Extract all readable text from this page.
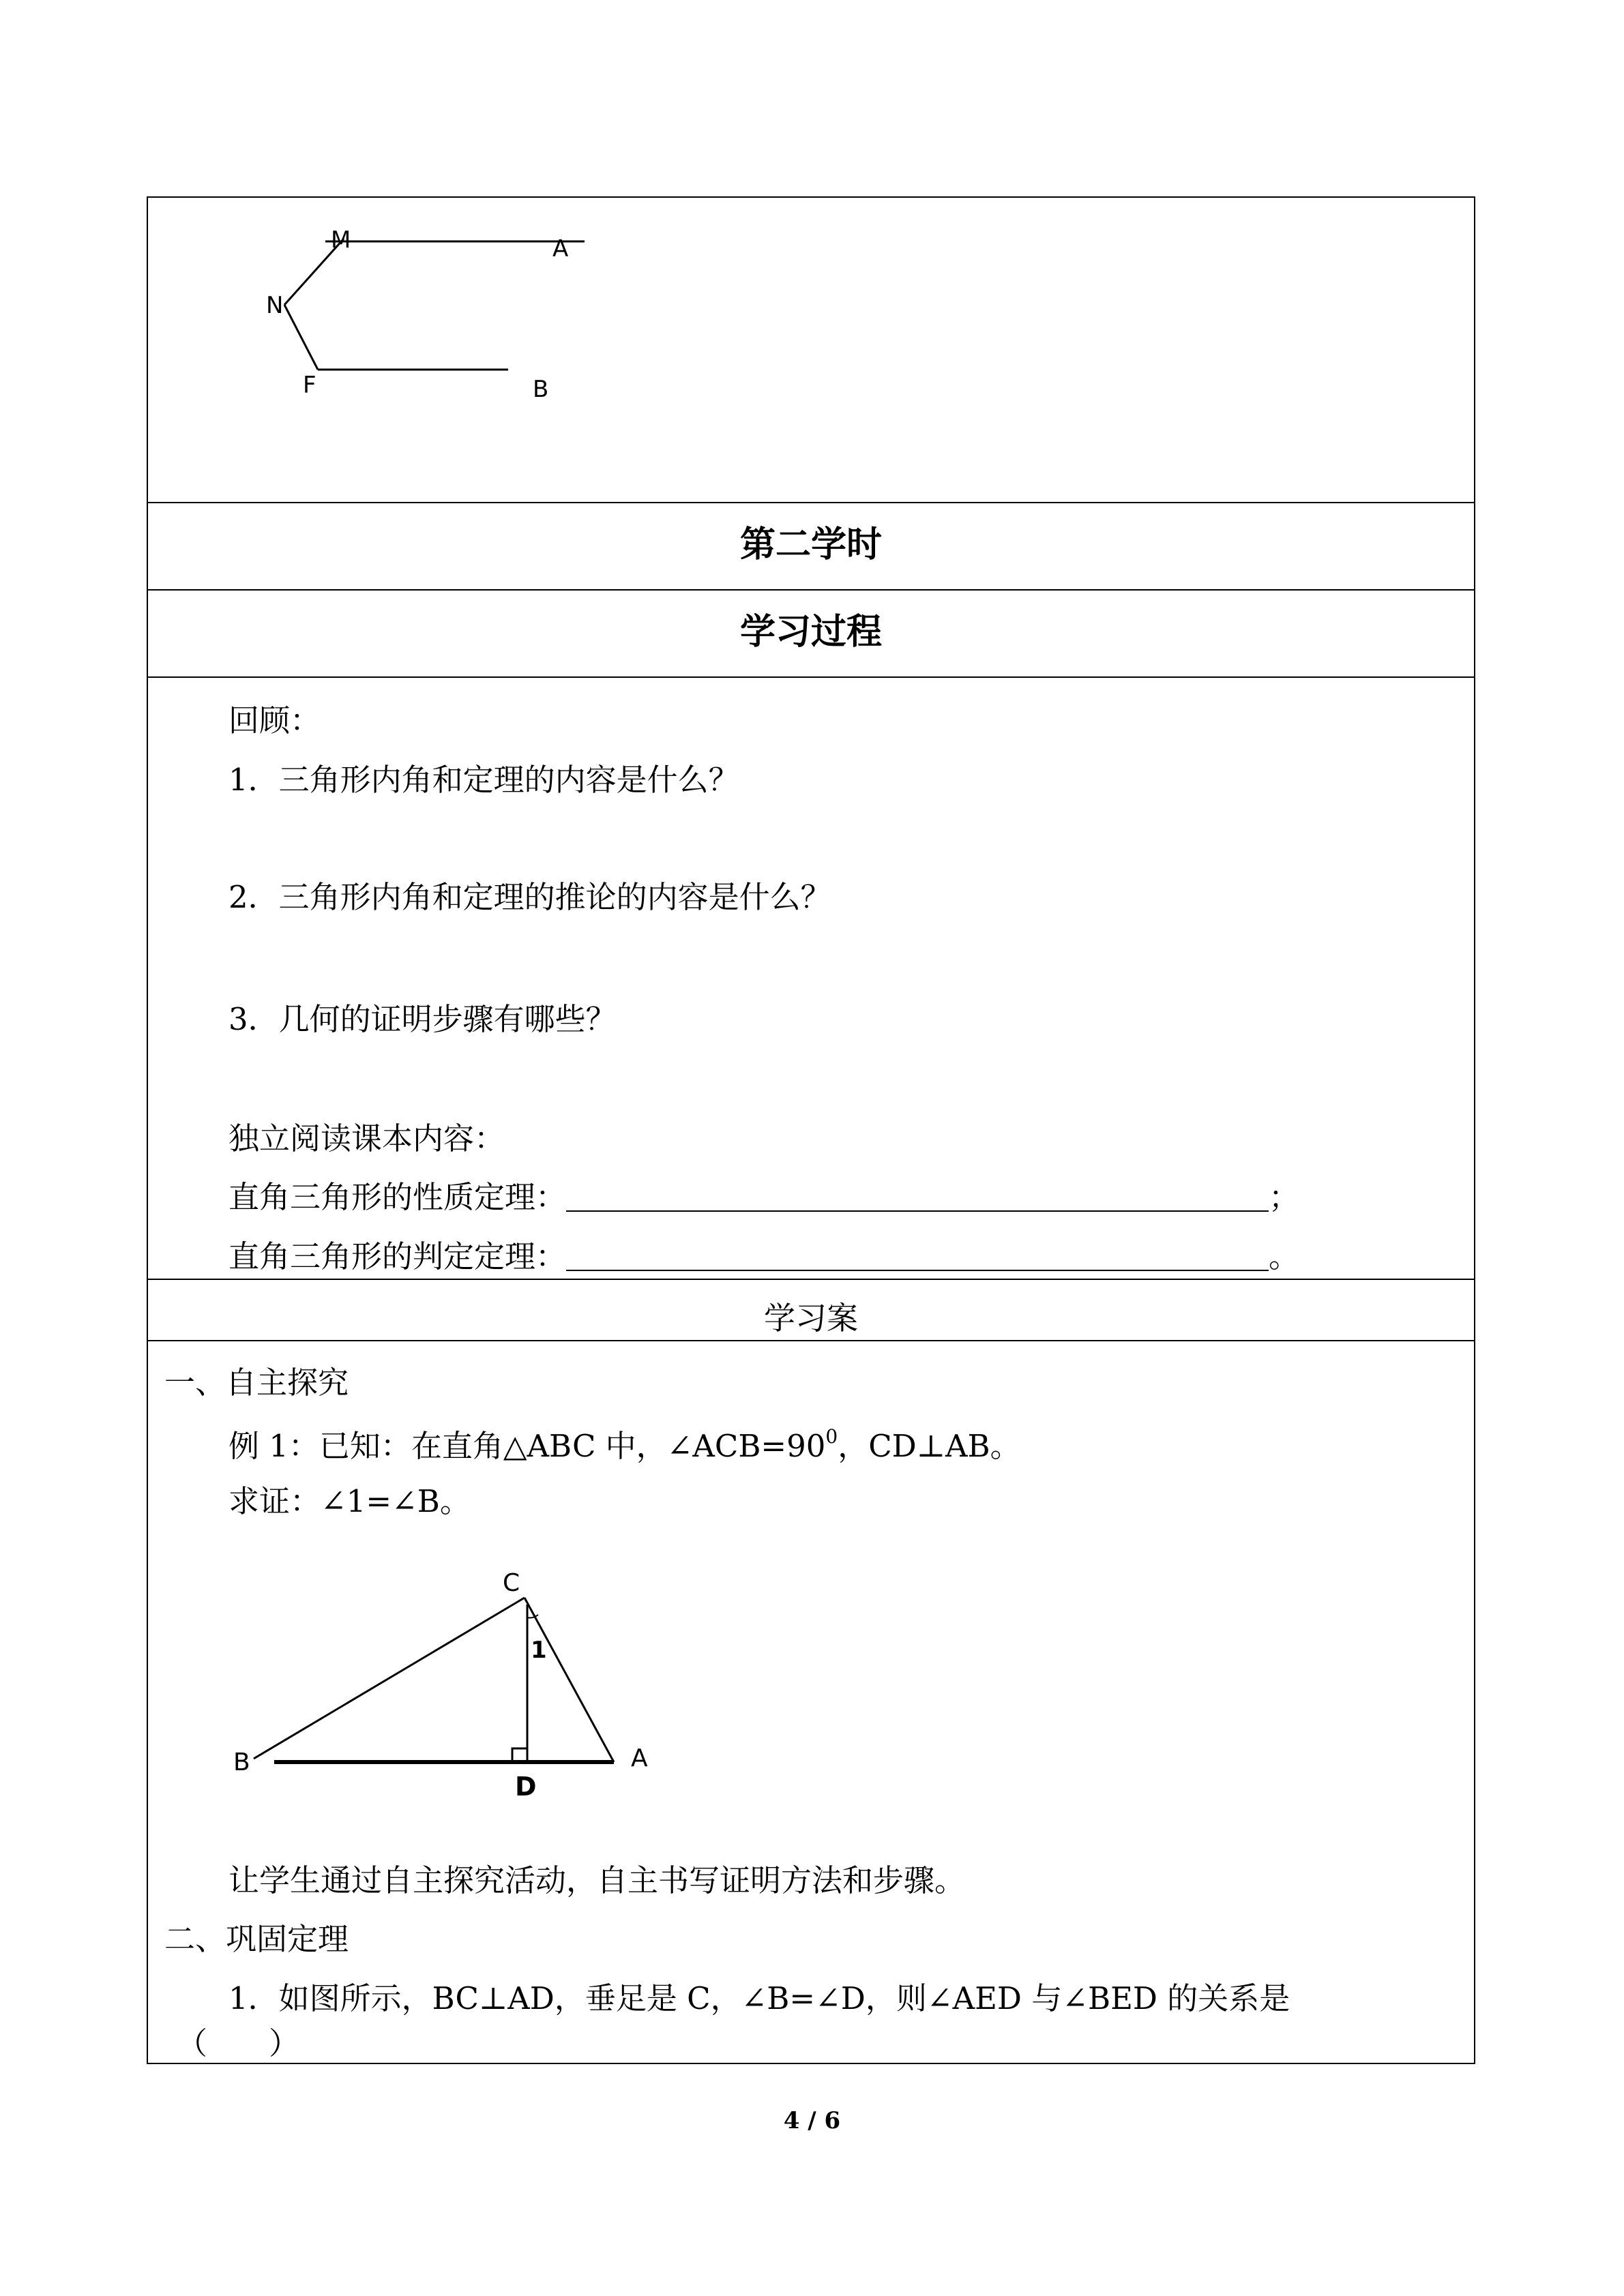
M	A
N
F	B
第二学时
学习过程
回顾：
1．三角形内角和定理的内容是什么？
2．三角形内角和定理的推论的内容是什么？
3．几何的证明步骤有哪些？
独立阅读课本内容：
直角三角形的性质定理：	；
直角三角形的判定定理：	。
学习案
一、自主探究
例 1：已知：在直角△ABC 中，$\angle ACB=90^0$，CD⊥AB。
求证：∠1=∠B。
C
1
B
D
A
让学生通过自主探究活动，自主书写证明方法和步骤。
二、巩固定理
1．如图所示，BC⊥AD，垂足是 C，∠B=∠D，则∠AED 与∠BED 的关系是
（　　）
4 / 6
